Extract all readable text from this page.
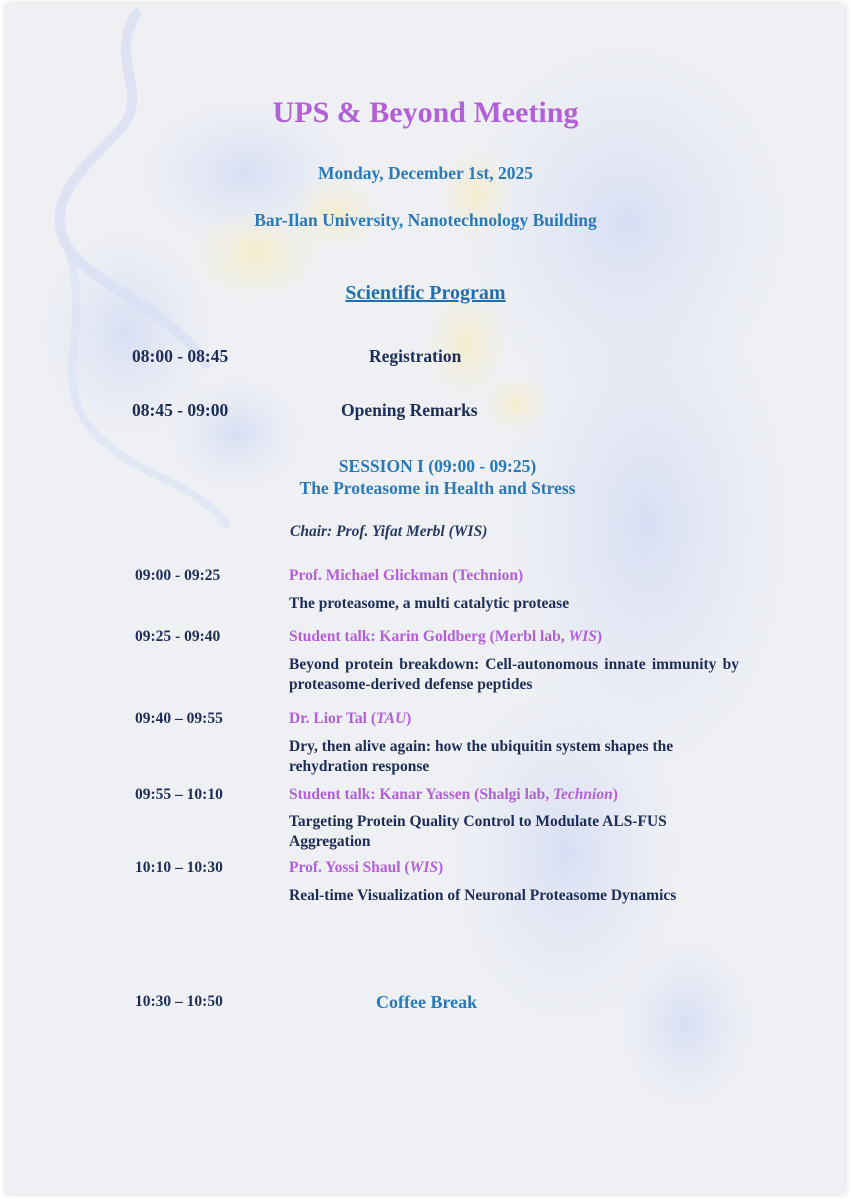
UPS & Beyond Meeting
Monday, December 1st, 2025
Bar-Ilan University, Nanotechnology Building
Scientific Program
08:00 - 08:45	Registration
08:45 - 09:00	Opening Remarks
SESSION I (09:00 - 09:25)
The Proteasome in Health and Stress
Chair: Prof. Yifat Merbl (WIS)
09:00 - 09:25	Prof. Michael Glickman (Technion)
The proteasome, a multi catalytic protease
09:25 - 09:40	Student talk: Karin Goldberg (Merbl lab, WIS)
Beyond protein breakdown: Cell-autonomous innate immunity by proteasome-derived defense peptides
09:40 – 09:55	Dr. Lior Tal (TAU)
Dry, then alive again: how the ubiquitin system shapes the rehydration response
09:55 – 10:10	Student talk: Kanar Yassen (Shalgi lab, Technion)
Targeting Protein Quality Control to Modulate ALS-FUS Aggregation
10:10 – 10:30	Prof. Yossi Shaul (WIS)
Real-time Visualization of Neuronal Proteasome Dynamics
10:30 – 10:50	Coffee Break
